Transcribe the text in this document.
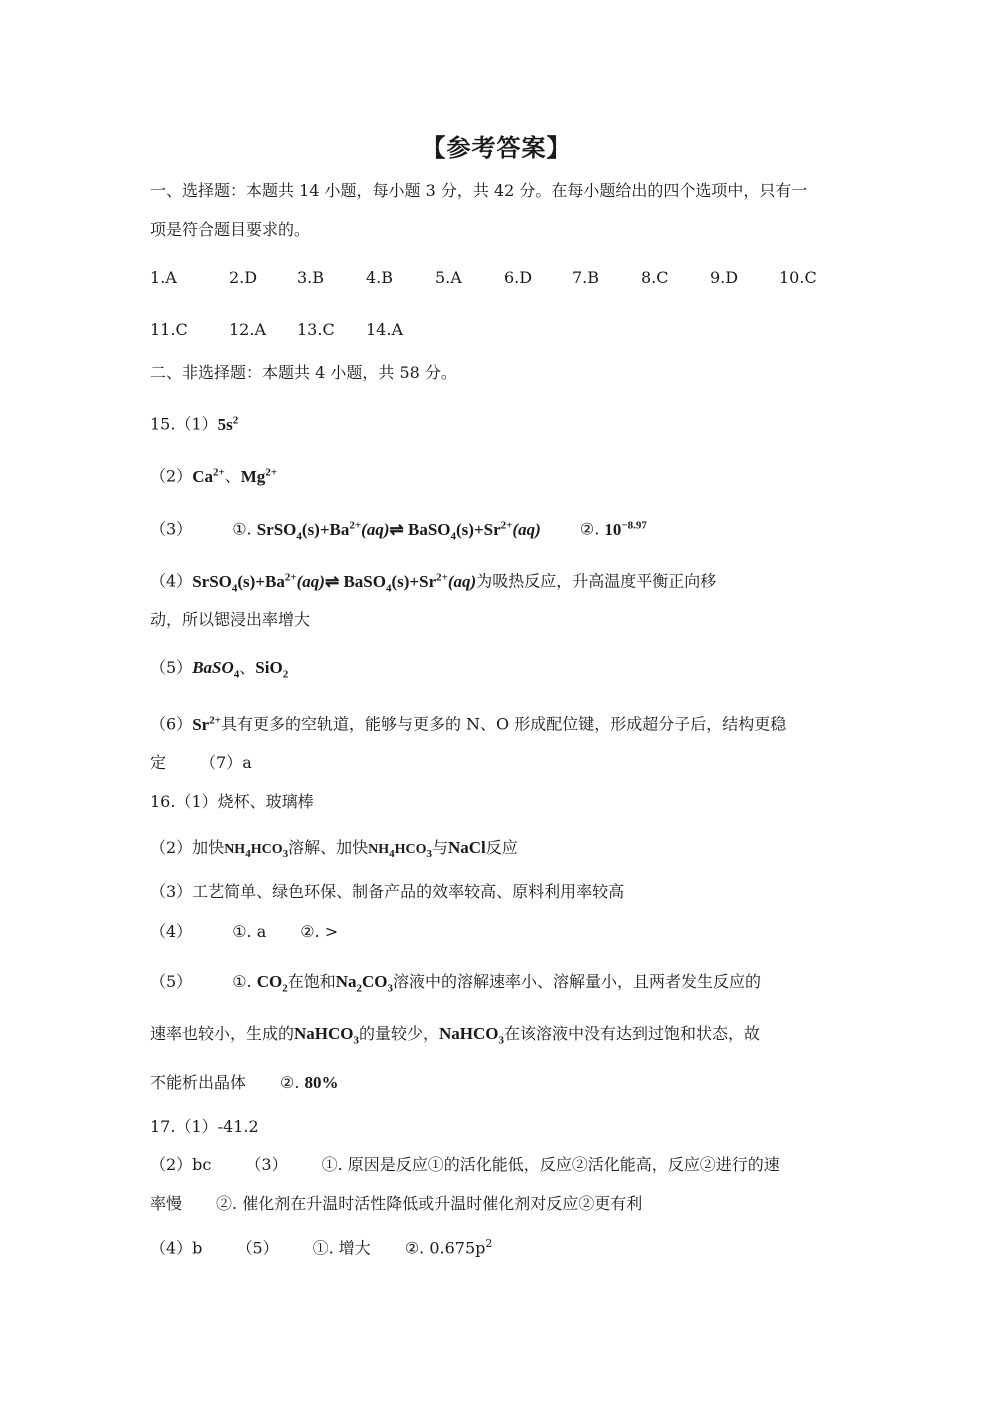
【参考答案】
一、选择题：本题共 14 小题，每小题 3 分，共 42 分。在每小题给出的四个选项中，只有一
项是符合题目要求的。
1.A	2.D 3.B	4.B	5.A	6.D 7.B	8.C	9.D	10.C
11.C	12.A 13.C 14.A
二、非选择题：本题共 4 小题，共 58 分。
$15.(1)5s^2$
$(2)Ca^{2+}$、$Mg^{2+}$
（3）	①. $SrSO_4(s)+Ba^{2+}(aq)\rightleftharpoons$ $BaSO_4(s)+Sr^{2+}(aq)$ ②. $10^{-8.97}$
$(4)SrSO_4(s)+Ba^{2+}(aq)\rightleftharpoons$ $BaSO_4(s)+Sr^{2+}(aq)$为吸热反应，升高温度平衡正向移
动，所以锶浸出率增大
（5）BaSO$_4$、SiO$_2$
$(6)Sr^{2+}$具有更多的空轨道，能够与更多的 N、O 形成配位键，形成超分子后，结构更稳
定 （7）a
16.（1）烧杯、玻璃棒
（2）加快$NH_4HCO_3$溶解、加快$NH_4HCO_3$与NaCl反应
（3）工艺简单、绿色环保、制备产品的效率较高、原料利用率较高
（4）	①. a ②. >
（5）	①. $CO_2$在饱和$Na_2CO_3$溶液中的溶解速率小、溶解量小，且两者发生反应的
速率也较小，生成的NaHCO$_3$的量较少，NaHCO$_3$在该溶液中没有达到过饱和状态，故
不能析出晶体 ②. 80%
17.（1）-41.2
（2）bc （3） ①. 原因是反应①的活化能低，反应②活化能高，反应②进行的速
率慢 ②. 催化剂在升温时活性降低或升温时催化剂对反应②更有利
（4）b （5） ①. 增大 ②. $0.675p^2$
